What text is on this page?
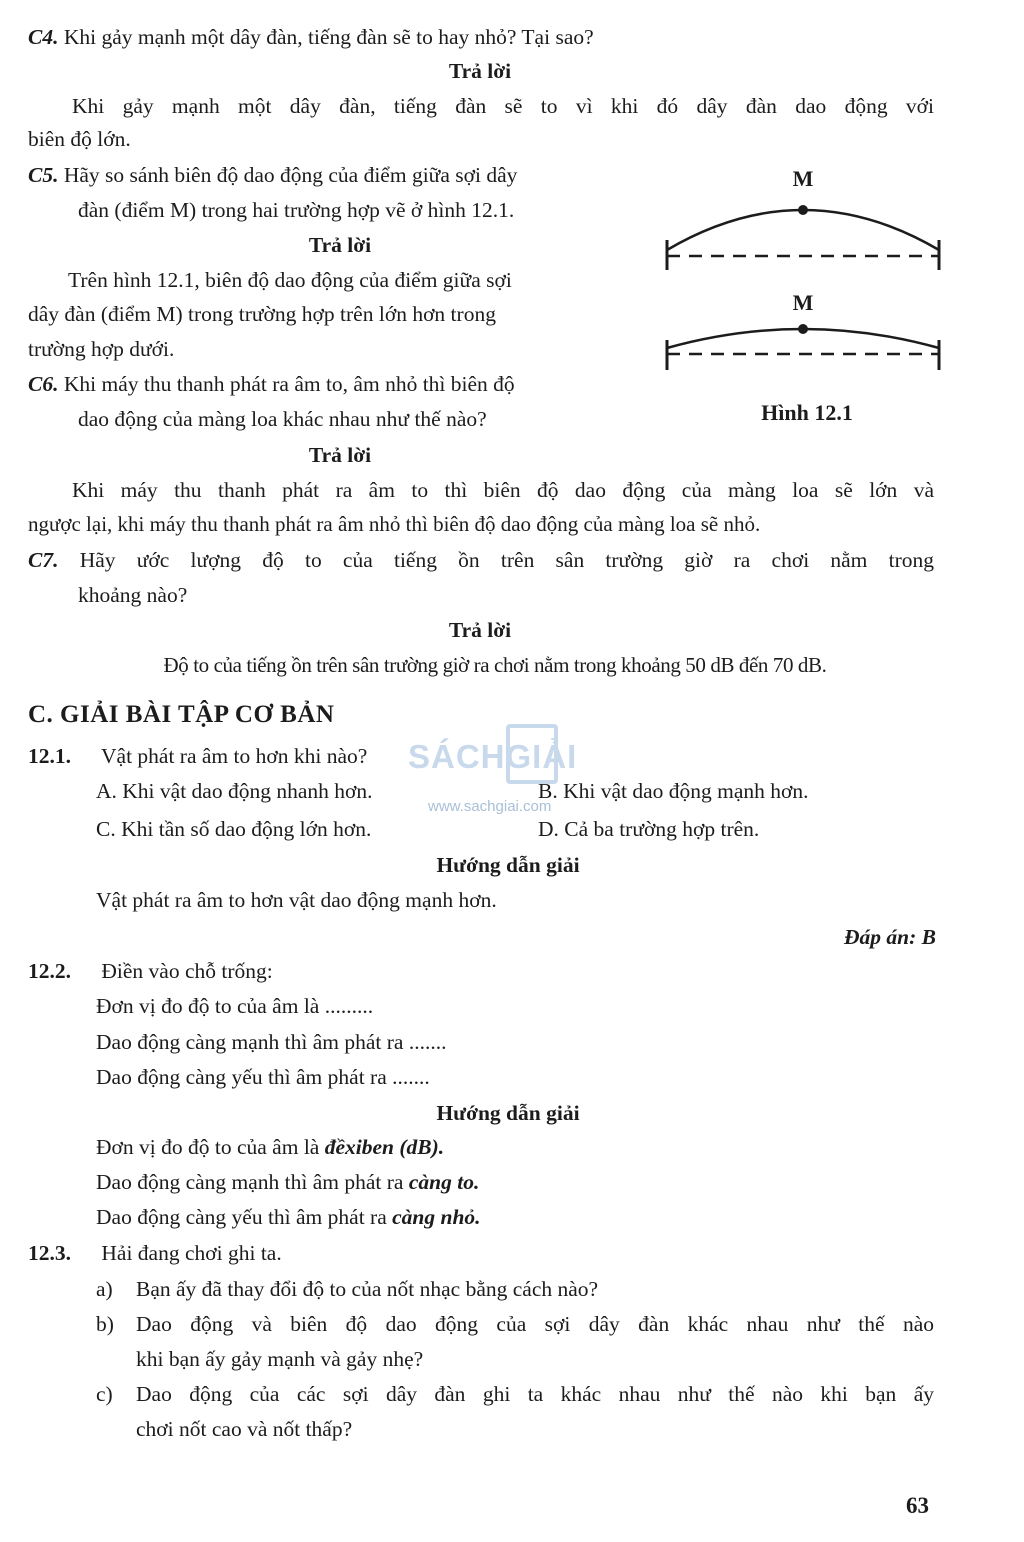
C4. Khi gảy mạnh một dây đàn, tiếng đàn sẽ to hay nhỏ? Tại sao?
Trả lời
Khi gảy mạnh một dây đàn, tiếng đàn sẽ to vì khi đó dây đàn dao động với
biên độ lớn.
C5. Hãy so sánh biên độ dao động của điểm giữa sợi dây
đàn (điểm M) trong hai trường hợp vẽ ở hình 12.1.
Trả lời
Trên hình 12.1, biên độ dao động của điểm giữa sợi
dây đàn (điểm M) trong trường hợp trên lớn hơn trong
trường hợp dưới.
M
M
Hình 12.1
C6. Khi máy thu thanh phát ra âm to, âm nhỏ thì biên độ
dao động của màng loa khác nhau như thế nào?
Trả lời
Khi máy thu thanh phát ra âm to thì biên độ dao động của màng loa sẽ lớn và
ngược lại, khi máy thu thanh phát ra âm nhỏ thì biên độ dao động của màng loa sẽ nhỏ.
C7. Hãy ước lượng độ to của tiếng ồn trên sân trường giờ ra chơi nằm trong
khoảng nào?
Trả lời
Độ to của tiếng ồn trên sân trường giờ ra chơi nằm trong khoảng 50 dB đến 70 dB.
C. GIẢI BÀI TẬP CƠ BẢN
SÁCHGIẢI
www.sachgiai.com
12.1. Vật phát ra âm to hơn khi nào?
A. Khi vật dao động nhanh hơn.	B. Khi vật dao động mạnh hơn.
C. Khi tần số dao động lớn hơn.	D. Cả ba trường hợp trên.
Hướng dẫn giải
Vật phát ra âm to hơn vật dao động mạnh hơn.
Đáp án: B
12.2. Điền vào chỗ trống:
Đơn vị đo độ to của âm là .........
Dao động càng mạnh thì âm phát ra .......
Dao động càng yếu thì âm phát ra .......
Hướng dẫn giải
Đơn vị đo độ to của âm là đềxiben (dB).
Dao động càng mạnh thì âm phát ra càng to.
Dao động càng yếu thì âm phát ra càng nhỏ.
12.3. Hải đang chơi ghi ta.
a) Bạn ấy đã thay đổi độ to của nốt nhạc bằng cách nào?
b)	Dao động và biên độ dao động của sợi dây đàn khác nhau như thế nào
khi bạn ấy gảy mạnh và gảy nhẹ?
c)	Dao động của các sợi dây đàn ghi ta khác nhau như thế nào khi bạn ấy
chơi nốt cao và nốt thấp?
63
